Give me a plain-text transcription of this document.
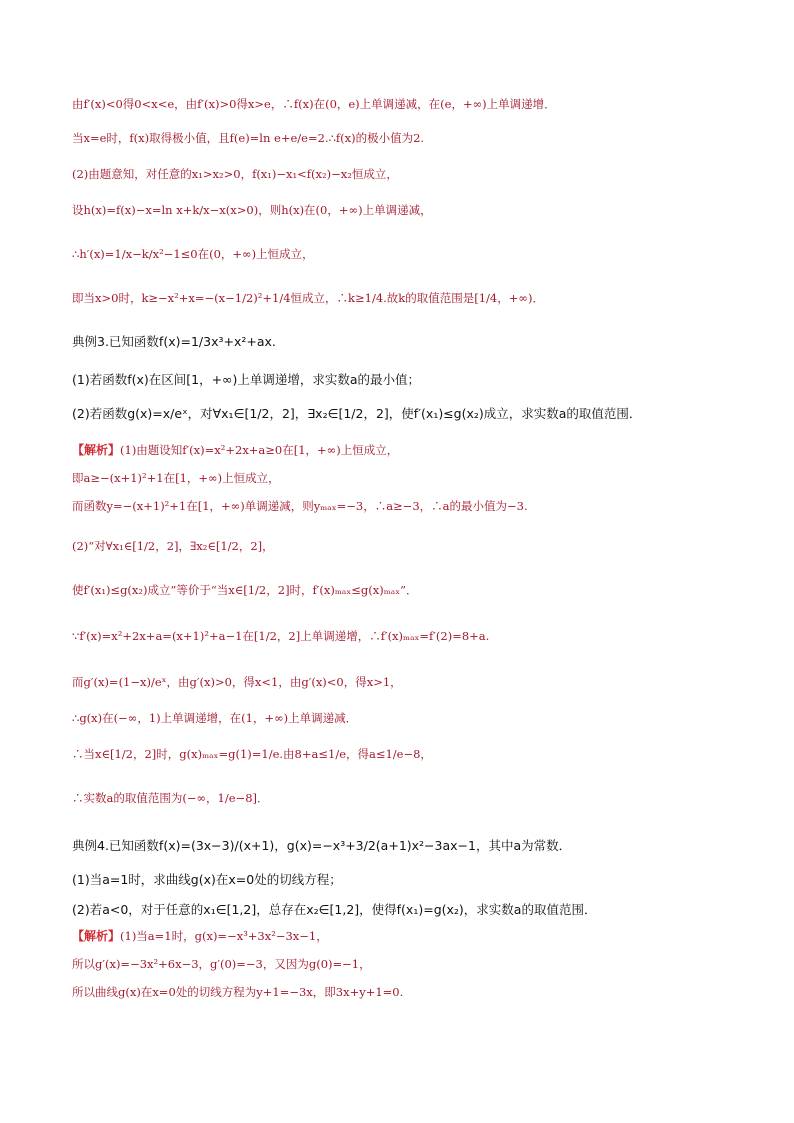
由f′(x)<0得0<x<e，由f′(x)>0得x>e，∴f(x)在(0，e)上单调递减，在(e，+∞)上单调递增．
当x=e时，f(x)取得极小值，且f(e)=ln e+e/e=2.∴f(x)的极小值为2.
(2)由题意知，对任意的x₁>x₂>0，f(x₁)−x₁<f(x₂)−x₂恒成立，
设h(x)=f(x)−x=ln x+k/x−x(x>0)，则h(x)在(0，+∞)上单调递减，
∴h′(x)=1/x−k/x²−1≤0在(0，+∞)上恒成立，
即当x>0时，k≥−x²+x=−(x−1/2)²+1/4恒成立，∴k≥1/4.故k的取值范围是[1/4，+∞)．
典例3.已知函数f(x)=1/3x³+x²+ax.
(1)若函数f(x)在区间[1，+∞)上单调递增，求实数a的最小值；
(2)若函数g(x)=x/eˣ，对∀x₁∈[1/2，2]，∃x₂∈[1/2，2]，使f′(x₁)≤g(x₂)成立，求实数a的取值范围．
【解析】(1)由题设知f′(x)=x²+2x+a≥0在[1，+∞)上恒成立，
即a≥−(x+1)²+1在[1，+∞)上恒成立，
而函数y=−(x+1)²+1在[1，+∞)单调递减，则yₘₐₓ=−3，∴a≥−3，∴a的最小值为−3.
(2)“对∀x₁∈[1/2，2]，∃x₂∈[1/2，2]，
使f′(x₁)≤g(x₂)成立”等价于“当x∈[1/2，2]时，f′(x)ₘₐₓ≤g(x)ₘₐₓ”．
∵f′(x)=x²+2x+a=(x+1)²+a−1在[1/2，2]上单调递增，∴f′(x)ₘₐₓ=f′(2)=8+a.
而g′(x)=(1−x)/eˣ，由g′(x)>0，得x<1，由g′(x)<0，得x>1，
∴g(x)在(−∞，1)上单调递增，在(1，+∞)上单调递减．
∴当x∈[1/2，2]时，g(x)ₘₐₓ=g(1)=1/e.由8+a≤1/e，得a≤1/e−8，
∴实数a的取值范围为(−∞，1/e−8]．
典例4.已知函数f(x)=(3x−3)/(x+1)，g(x)=−x³+3/2(a+1)x²−3ax−1，其中a为常数．
(1)当a=1时，求曲线g(x)在x=0处的切线方程；
(2)若a<0，对于任意的x₁∈[1,2]，总存在x₂∈[1,2]，使得f(x₁)=g(x₂)，求实数a的取值范围．
【解析】(1)当a=1时，g(x)=−x³+3x²−3x−1，
所以g′(x)=−3x²+6x−3，g′(0)=−3，又因为g(0)=−1，
所以曲线g(x)在x=0处的切线方程为y+1=−3x，即3x+y+1=0.
